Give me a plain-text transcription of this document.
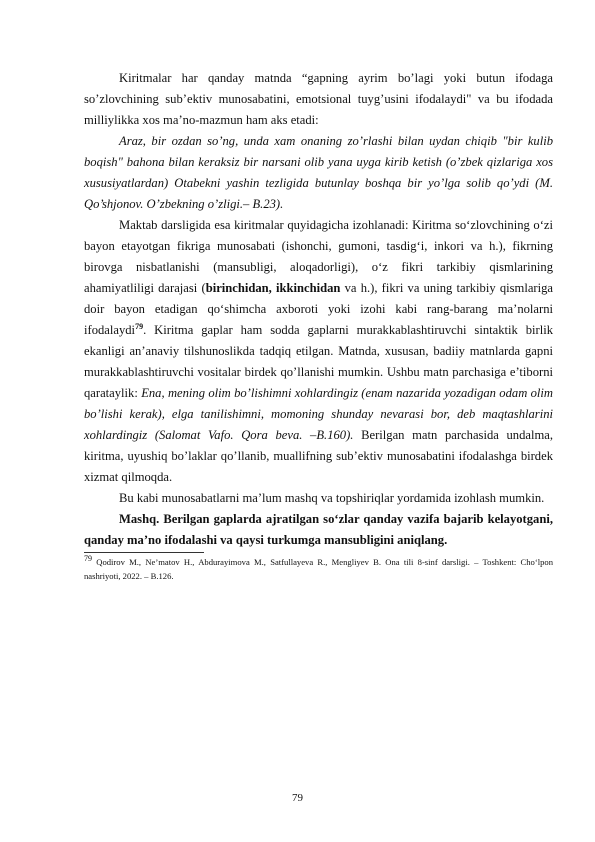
Kiritmalar har qanday matnda “gapning ayrim bo’lagi yoki butun ifodaga so’zlovchining sub’ektiv munosabatini, emotsional tuyg’usini ifodalaydi" va bu ifodada milliylikka xos ma’no-mazmun ham aks etadi:

Araz, bir ozdan so’ng, unda xam onaning zo’rlashi bilan uydan chiqib "bir kulib boqish" bahona bilan keraksiz bir narsani olib yana uyga kirib ketish (o’zbek qizlariga xos xususiyatlardan) Otabekni yashin tezligida butunlay boshqa bir yo’lga solib qo’ydi (M. Qo’shjonov. O’zbekning o’zligi.– B.23).

Maktab darsligida esa kiritmalar quyidagicha izohlanadi: Kiritma so‘zlovchining o‘zi bayon etayotgan fikriga munosabati (ishonchi, gumoni, tasdig‘i, inkori va h.), fikrning birovga nisbatlanishi (mansubligi, aloqadorligi), o‘z fikri tarkibiy qismlarining ahamiyatliligi darajasi (birinchidan, ikkinchidan va h.), fikri va uning tarkibiy qismlariga doir bayon etadigan qo‘shimcha axboroti yoki izohi kabi rang-barang ma’nolarni ifodalaydi$^{79}$. Kiritma gaplar ham sodda gaplarni murakkablashtiruvchi sintaktik birlik ekanligi an’anaviy tilshunoslikda tadqiq etilgan. Matnda, xususan, badiiy matnlarda gapni murakkablashtiruvchi vositalar birdek qo’llanishi mumkin. Ushbu matn parchasiga e’tiborni qarataylik: Ena, mening olim bo’lishimni xohlardingiz (enam nazarida yozadigan odam olim bo’lishi kerak), elga tanilishimni, momoning shunday nevarasi bor, deb maqtashlarini xohlardingiz (Salomat Vafo. Qora beva. –B.160). Berilgan matn parchasida undalma, kiritma, uyushiq bo’laklar qo’llanib, muallifning sub’ektiv munosabatini ifodalashga birdek xizmat qilmoqda.

Bu kabi munosabatlarni ma’lum mashq va topshiriqlar yordamida izohlash mumkin.

Mashq. Berilgan gaplarda ajratilgan so‘zlar qanday vazifa bajarib kelayotgani, qanday ma’no ifodalashi va qaysi turkumga mansubligini aniqlang.

$^{79}$ Qodirov M., Ne’matov H., Abdurayimova M., Satfullayeva R., Mengliyev B. Ona tili 8-sinf darsligi. – Toshkent: Cho‘lpon nashriyoti, 2022. – B.126.

79
